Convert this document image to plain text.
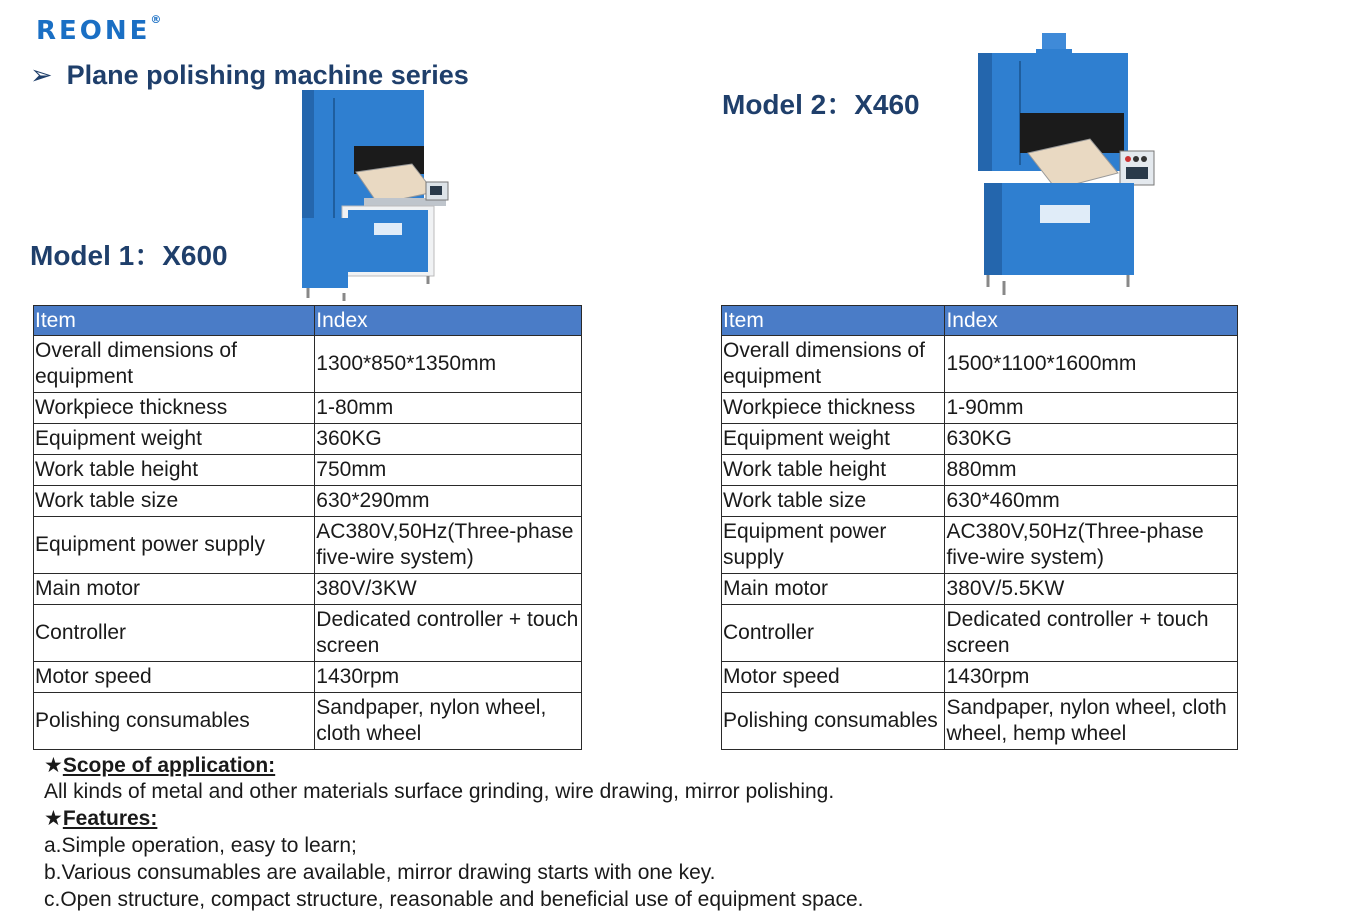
REONE®
➢ Plane polishing machine series
Model 1：X600
Model 2：X460
Item	Index
Overall dimensions of equipment	1300*850*1350mm
Workpiece thickness	1-80mm
Equipment weight	360KG
Work table height	750mm
Work table size	630*290mm
Equipment power supply	AC380V,50Hz(Three-phase five-wire system)
Main motor	380V/3KW
Controller	Dedicated controller + touch screen
Motor speed	1430rpm
Polishing consumables	Sandpaper, nylon wheel, cloth wheel
Item	Index
Overall dimensions of equipment	1500*1100*1600mm
Workpiece thickness	1-90mm
Equipment weight	630KG
Work table height	880mm
Work table size	630*460mm
Equipment power supply	AC380V,50Hz(Three-phase five-wire system)
Main motor	380V/5.5KW
Controller	Dedicated controller + touch screen
Motor speed	1430rpm
Polishing consumables	Sandpaper, nylon wheel, cloth wheel, hemp wheel
★Scope of application:
All kinds of metal and other materials surface grinding, wire drawing, mirror polishing.
★Features:
a.Simple operation, easy to learn;
b.Various consumables are available, mirror drawing starts with one key.
c.Open structure, compact structure, reasonable and beneficial use of equipment space.
